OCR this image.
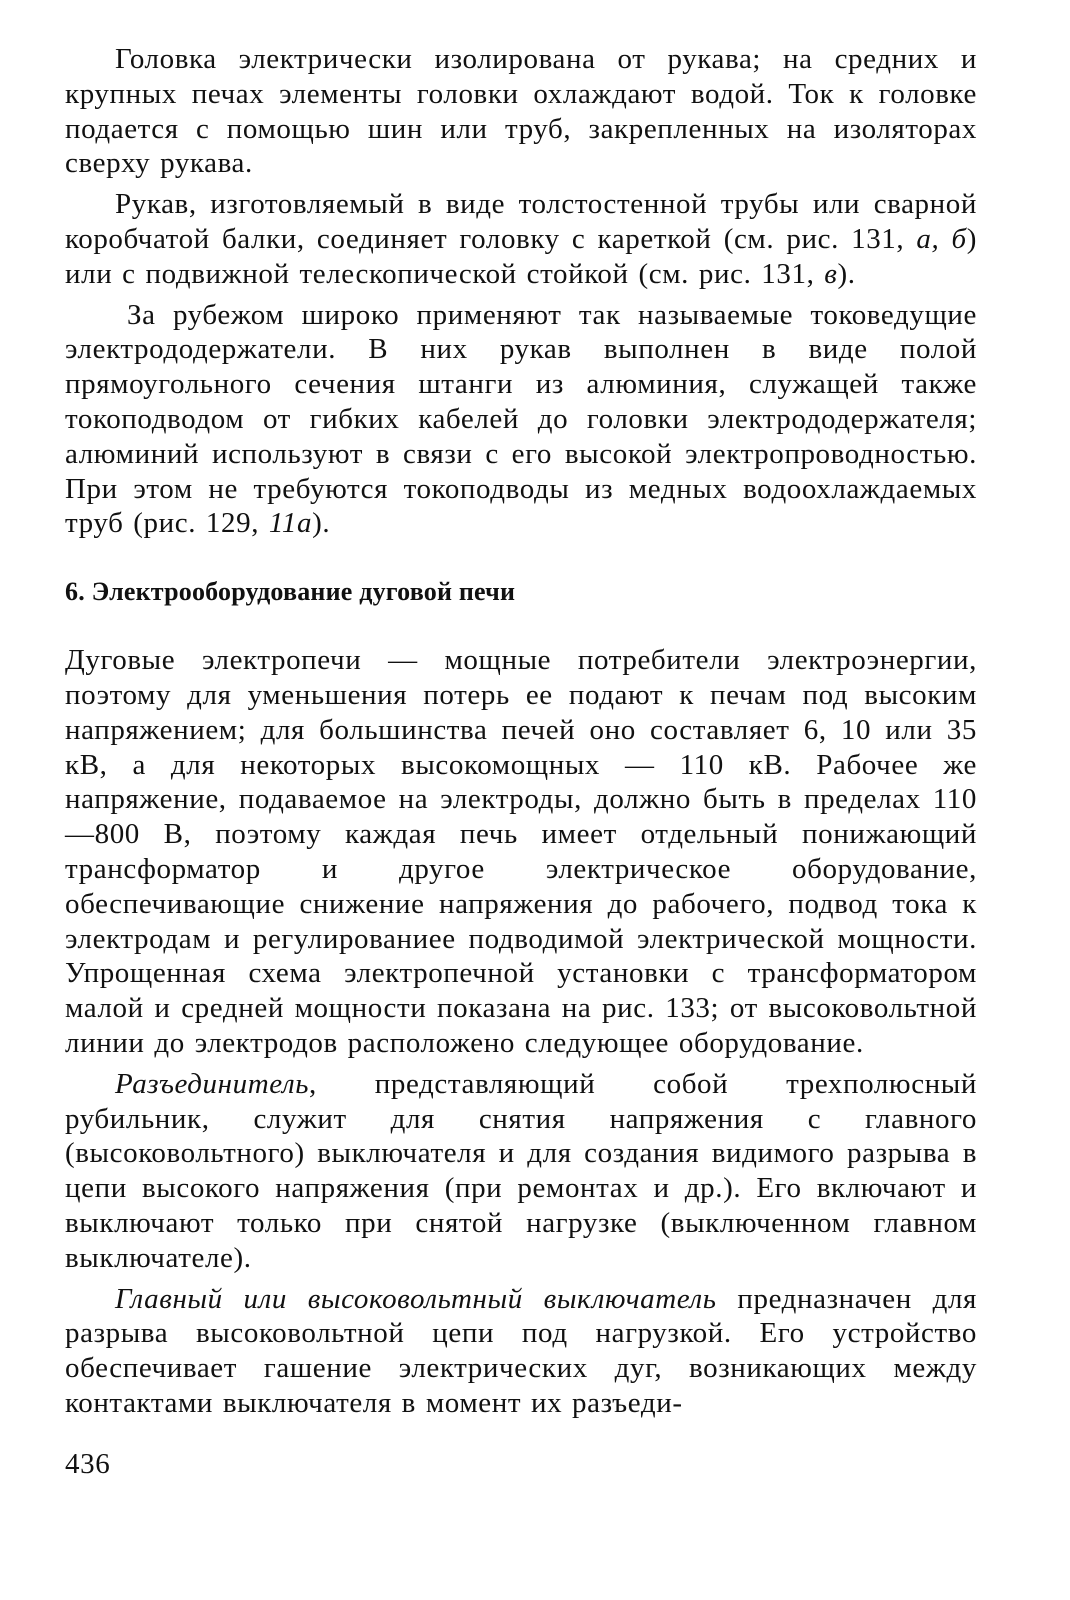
Головка электрически изолирована от рукава; на средних и крупных печах элементы головки охлаждают водой. Ток к головке подается с помощью шин или труб, закрепленных на изоляторах сверху рукава.

Рукав, изготовляемый в виде толстостенной трубы или сварной коробчатой балки, соединяет головку с кареткой (см. рис. 131, а, б) или с подвижной телескопической стойкой (см. рис. 131, в).

За рубежом широко применяют так называемые токоведущие электрододержатели. В них рукав выполнен в виде полой прямоугольного сечения штанги из алюминия, служащей также токоподводом от гибких кабелей до головки электрододержателя; алюминий используют в связи с его высокой электропроводностью. При этом не требуются токоподводы из медных водоохлаждаемых труб (рис. 129, 11а).

6. Электрооборудование дуговой печи

Дуговые электропечи — мощные потребители электроэнергии, поэтому для уменьшения потерь ее подают к печам под высоким напряжением; для большинства печей оно составляет 6, 10 или 35 кВ, а для некоторых высокомощных — 110 кВ. Рабочее же напряжение, подаваемое на электроды, должно быть в пределах 110—800 В, поэтому каждая печь имеет отдельный понижающий трансформатор и другое электрическое оборудование, обеспечивающие снижение напряжения до рабочего, подвод тока к электродам и регулированиее подводимой электрической мощности. Упрощенная схема электропечной установки с трансформатором малой и средней мощности показана на рис. 133; от высоковольтной линии до электродов расположено следующее оборудование.

Разъединитель, представляющий собой трехполюсный рубильник, служит для снятия напряжения с главного (высоковольтного) выключателя и для создания видимого разрыва в цепи высокого напряжения (при ремонтах и др.). Его включают и выключают только при снятой нагрузке (выключенном главном выключателе).

Главный или высоковольтный выключатель предназначен для разрыва высоковольтной цепи под нагрузкой. Его устройство обеспечивает гашение электрических дуг, возникающих между контактами выключателя в момент их разъеди-

436
